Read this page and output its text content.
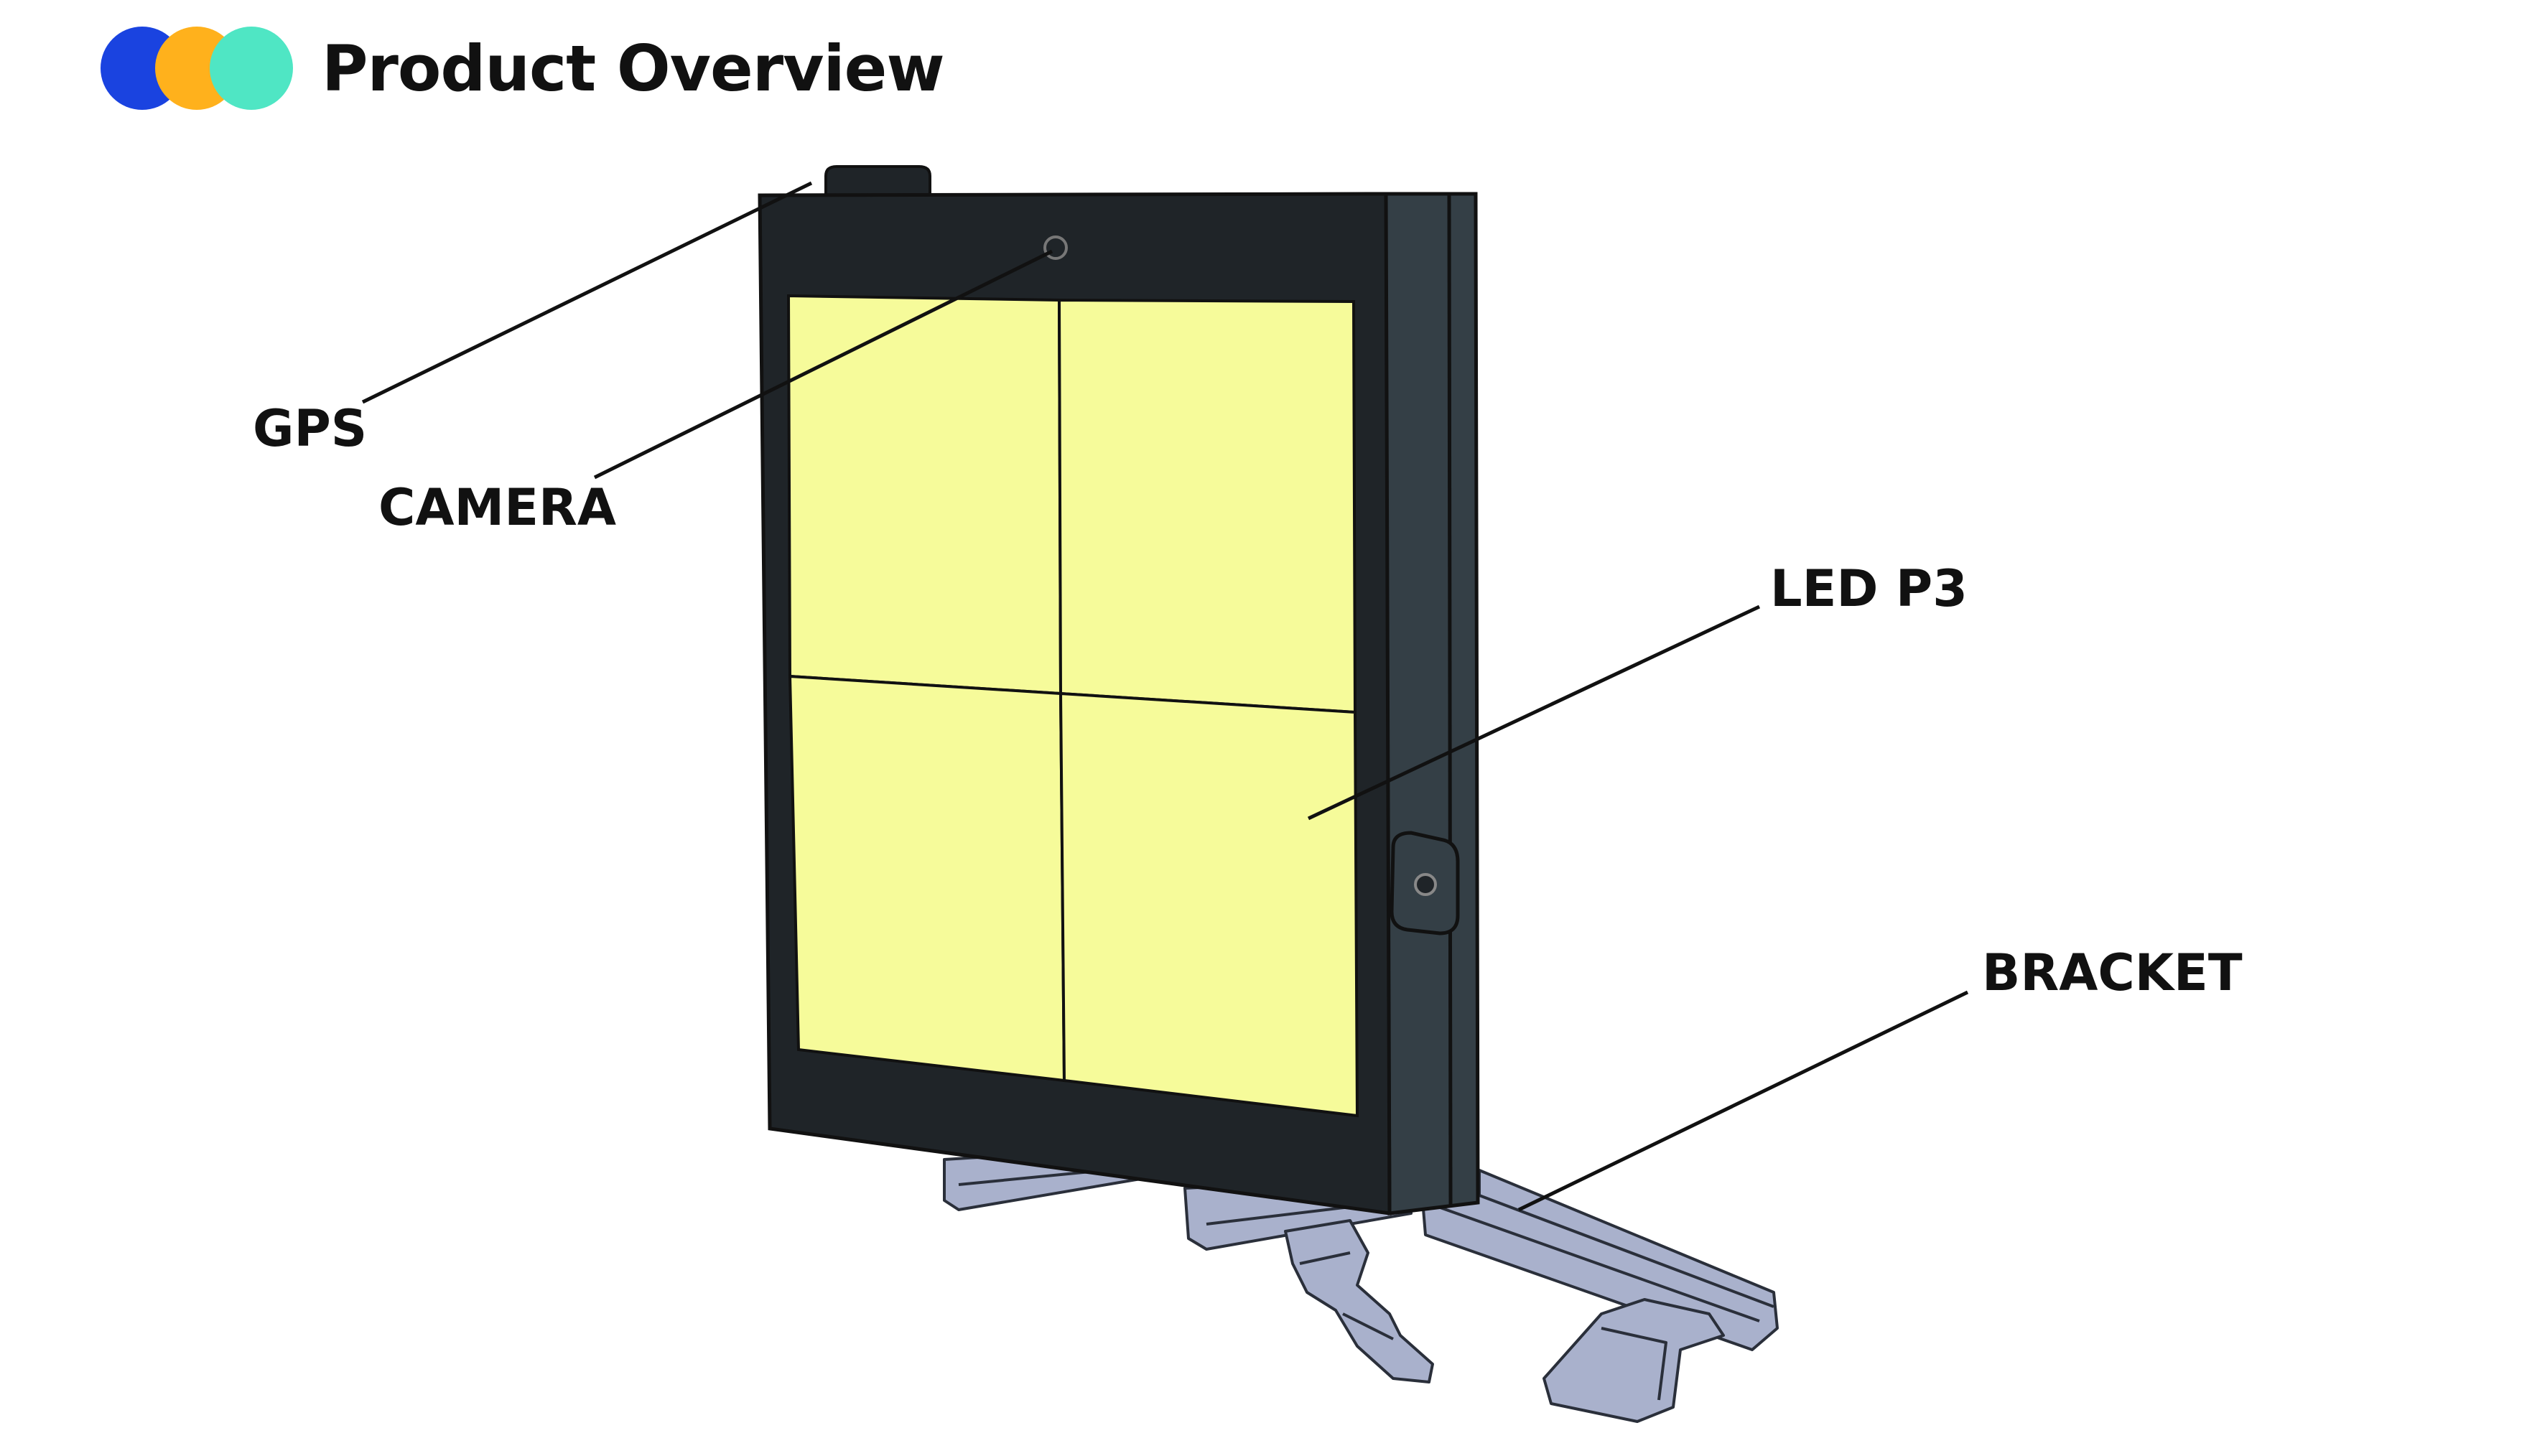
Product Overview
GPS
CAMERA
LED P3
BRACKET
